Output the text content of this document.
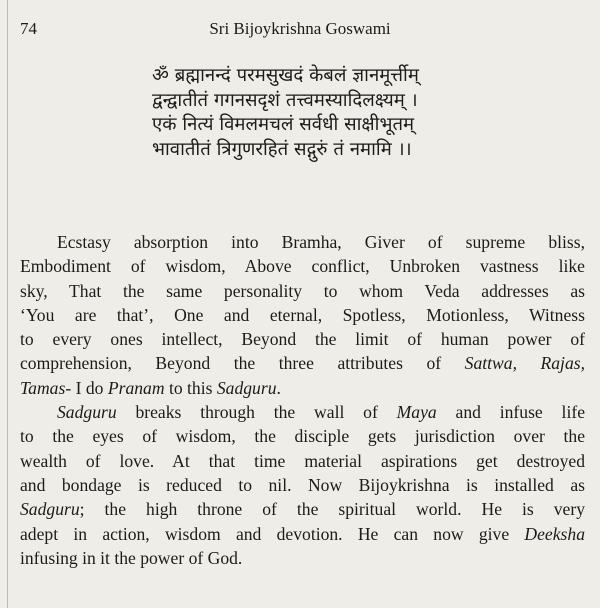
74	Sri Bijoykrishna Goswami
ॐ ब्रह्मानन्दं परमसुखदं केबलं ज्ञानमूर्त्तीम्
द्वन्द्वातीतं गगनसदृशं तत्त्वमस्यादिलक्ष्यम् ।
एकं नित्यं विमलमचलं सर्वधी साक्षीभूतम्
भावातीतं त्रिगुणरहितं सद्गुरुं तं नमामि ।।
Ecstasy absorption into Bramha, Giver of supreme bliss,
Embodiment of wisdom, Above conflict, Unbroken vastness like
sky, That the same personality to whom Veda addresses as
‘You are that’, One and eternal, Spotless, Motionless, Witness
to every ones intellect, Beyond the limit of human power of
comprehension, Beyond the three attributes of Sattwa, Rajas,
Tamas- I do Pranam to this Sadguru.
Sadguru breaks through the wall of Maya and infuse life
to the eyes of wisdom, the disciple gets jurisdiction over the
wealth of love. At that time material aspirations get destroyed
and bondage is reduced to nil. Now Bijoykrishna is installed as
Sadguru; the high throne of the spiritual world. He is very
adept in action, wisdom and devotion. He can now give Deeksha
infusing in it the power of God.
